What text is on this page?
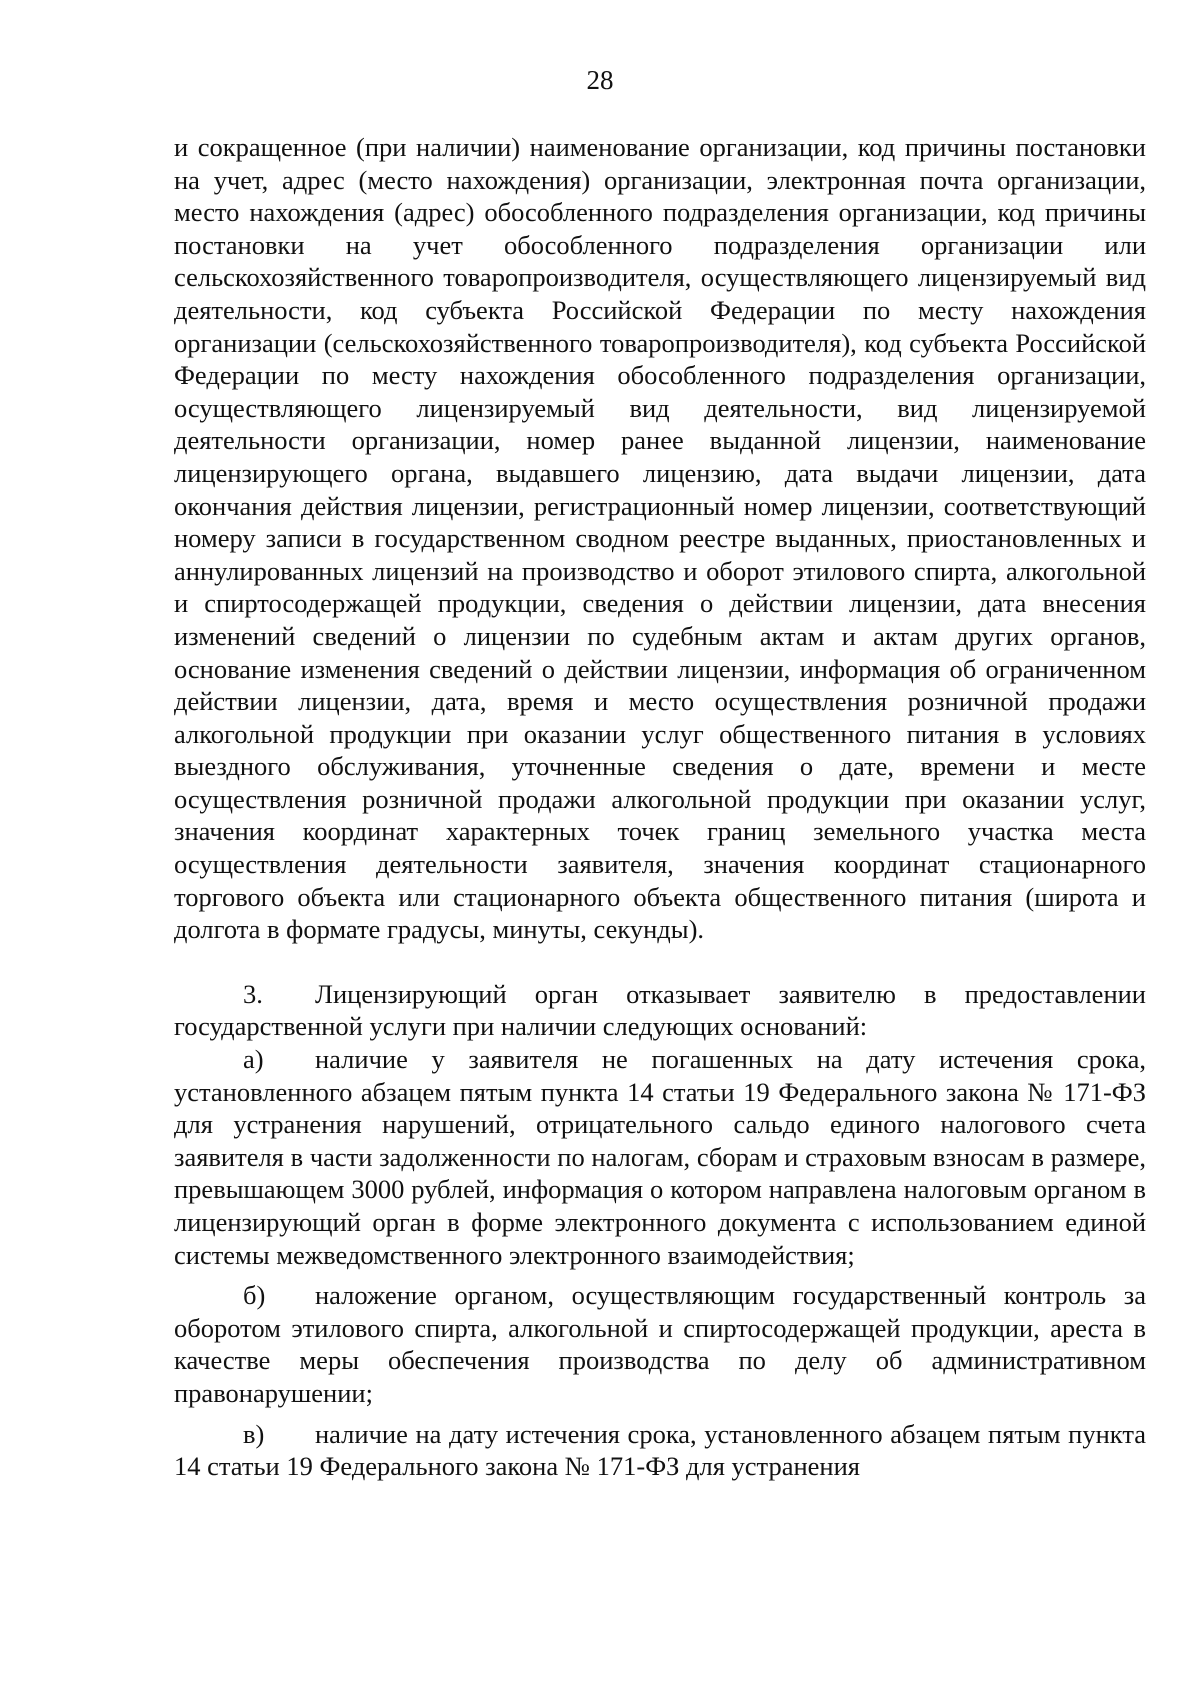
28

и сокращенное (при наличии) наименование организации, код причины постановки на учет, адрес (место нахождения) организации, электронная почта организации, место нахождения (адрес) обособленного подразделения организации, код причины постановки на учет обособленного подразделения организации или сельскохозяйственного товаропроизводителя, осуществляющего лицензируемый вид деятельности, код субъекта Российской Федерации по месту нахождения организации (сельскохозяйственного товаропроизводителя), код субъекта Российской Федерации по месту нахождения обособленного подразделения организации, осуществляющего лицензируемый вид деятельности, вид лицензируемой деятельности организации, номер ранее выданной лицензии, наименование лицензирующего органа, выдавшего лицензию, дата выдачи лицензии, дата окончания действия лицензии, регистрационный номер лицензии, соответствующий номеру записи в государственном сводном реестре выданных, приостановленных и аннулированных лицензий на производство и оборот этилового спирта, алкогольной и спиртосодержащей продукции, сведения о действии лицензии, дата внесения изменений сведений о лицензии по судебным актам и актам других органов, основание изменения сведений о действии лицензии, информация об ограниченном действии лицензии, дата, время и место осуществления розничной продажи алкогольной продукции при оказании услуг общественного питания в условиях выездного обслуживания, уточненные сведения о дате, времени и месте осуществления розничной продажи алкогольной продукции при оказании услуг, значения координат характерных точек границ земельного участка места осуществления деятельности заявителя, значения координат стационарного торгового объекта или стационарного объекта общественного питания (широта и долгота в формате градусы, минуты, секунды).

3. Лицензирующий орган отказывает заявителю в предоставлении государственной услуги при наличии следующих оснований:

а) наличие у заявителя не погашенных на дату истечения срока, установленного абзацем пятым пункта 14 статьи 19 Федерального закона № 171-ФЗ для устранения нарушений, отрицательного сальдо единого налогового счета заявителя в части задолженности по налогам, сборам и страховым взносам в размере, превышающем 3000 рублей, информация о котором направлена налоговым органом в лицензирующий орган в форме электронного документа с использованием единой системы межведомственного электронного взаимодействия;

б) наложение органом, осуществляющим государственный контроль за оборотом этилового спирта, алкогольной и спиртосодержащей продукции, ареста в качестве меры обеспечения производства по делу об административном правонарушении;

в) наличие на дату истечения срока, установленного абзацем пятым пункта 14 статьи 19 Федерального закона № 171-ФЗ для устранения
